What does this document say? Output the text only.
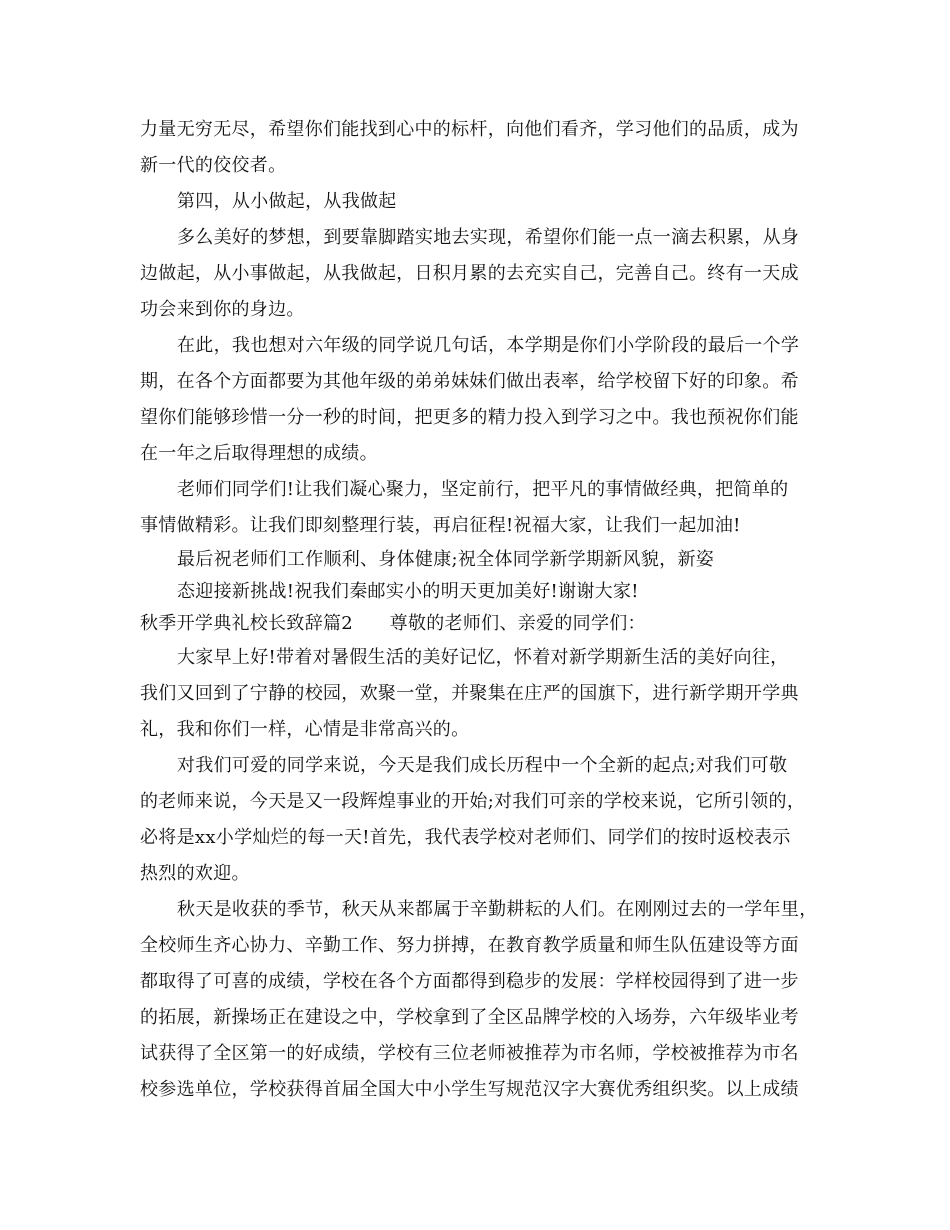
力量无穷无尽，希望你们能找到心中的标杆，向他们看齐，学习他们的品质，成为
新一代的佼佼者。
第四，从小做起，从我做起
多么美好的梦想，到要靠脚踏实地去实现，希望你们能一点一滴去积累，从身
边做起，从小事做起，从我做起，日积月累的去充实自己，完善自己。终有一天成
功会来到你的身边。
在此，我也想对六年级的同学说几句话，本学期是你们小学阶段的最后一个学
期，在各个方面都要为其他年级的弟弟妹妹们做出表率，给学校留下好的印象。希
望你们能够珍惜一分一秒的时间，把更多的精力投入到学习之中。我也预祝你们能
在一年之后取得理想的成绩。
老师们同学们!让我们凝心聚力，坚定前行，把平凡的事情做经典，把简单的
事情做精彩。让我们即刻整理行装，再启征程!祝福大家，让我们一起加油!
最后祝老师们工作顺利、身体健康;祝全体同学新学期新风貌，新姿
态迎接新挑战!祝我们秦邮实小的明天更加美好!谢谢大家!
秋季开学典礼校长致辞篇2　　尊敬的老师们、亲爱的同学们：
大家早上好!带着对暑假生活的美好记忆，怀着对新学期新生活的美好向往，
我们又回到了宁静的校园，欢聚一堂，并聚集在庄严的国旗下，进行新学期开学典
礼，我和你们一样，心情是非常高兴的。
对我们可爱的同学来说，今天是我们成长历程中一个全新的起点;对我们可敬
的老师来说，今天是又一段辉煌事业的开始;对我们可亲的学校来说，它所引领的，
必将是xx小学灿烂的每一天!首先，我代表学校对老师们、同学们的按时返校表示
热烈的欢迎。
秋天是收获的季节，秋天从来都属于辛勤耕耘的人们。在刚刚过去的一学年里，
全校师生齐心协力、辛勤工作、努力拼搏，在教育教学质量和师生队伍建设等方面
都取得了可喜的成绩，学校在各个方面都得到稳步的发展：学样校园得到了进一步
的拓展，新操场正在建设之中，学校拿到了全区品牌学校的入场券，六年级毕业考
试获得了全区第一的好成绩，学校有三位老师被推荐为市名师，学校被推荐为市名
校参选单位，学校获得首届全国大中小学生写规范汉字大赛优秀组织奖。以上成绩
